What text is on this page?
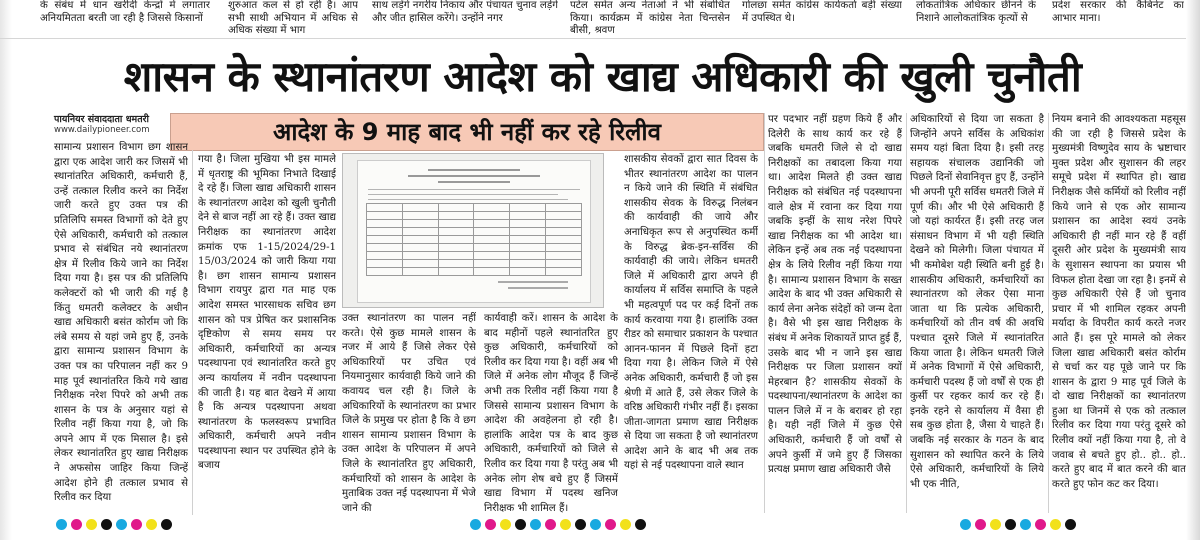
के संबंध में धान खरीदी केन्द्रों में लगातार अनियमितता बरती जा रही है जिससे किसानों
शुरुआत कल से हो रही है। आप सभी साथी अभियान में अधिक से अधिक संख्या में भाग
साथ लड़ेंगे नगरीय निकाय और पंचायत चुनाव लड़ेंगे और जीत हासिल करेंगे। उन्होंने नगर
पटेल समेत अन्य नेताओं ने भी संबोधित किया। कार्यक्रम में कांग्रेस नेता चिन्तसेन बीसी, श्रवण
गोलछा समेत कांग्रेस कार्यकर्ता बड़ी संख्या में उपस्थित थे।
लोकतांत्रिक अधिकार छीनने के निशाने आलोकतांत्रिक कृत्यों से
प्रदेश सरकार की कैबिनेट का आभार माना।
शासन के स्थानांतरण आदेश को खाद्य अधिकारी की खुली चुनौती
पायनियर संवाददाता धमतरी
www.dailypioneer.com	आदेश के 9 माह बाद भी नहीं कर रहे रिलीव
सामान्य प्रशासन विभाग छग शासन द्वारा एक आदेश जारी कर जिसमें भी स्थानांतरित अधिकारी, कर्मचारी हैं, उन्हें तत्काल रिलीव करने का निर्देश जारी करते हुए उक्त पत्र की प्रतिलिपि समस्त विभागों को देते हुए ऐसे अधिकारी, कर्मचारी को तत्काल प्रभाव से संबंधित नये स्थानांतरण क्षेत्र में रिलीव किये जाने का निर्देश दिया गया है। इस पत्र की प्रतिलिपि कलेक्टरों को भी जारी की गई है किंतु धमतरी कलेक्टर के अधीन खाद्य अधिकारी बसंत कोर्राम जो कि लंबे समय से यहां जमे हुए हैं, उनके द्वारा सामान्य प्रशासन विभाग के उक्त पत्र का परिपालन नहीं कर 9 माह पूर्व स्थानांतरित किये गये खाद्य निरीक्षक नरेश पिपरे को अभी तक शासन के पत्र के अनुसार यहां से रिलीव नहीं किया गया है, जो कि अपने आप में एक मिसाल है। इसे लेकर स्थानांतरित हुए खाद्य निरीक्षक ने अफसोस जाहिर किया जिन्हें आदेश होने ही तत्काल प्रभाव से रिलीव कर दिया
गया है। जिला मुखिया भी इस मामले में धृतराष्ट्र की भूमिका निभाते दिखाई दे रहे हैं। जिला खाद्य अधिकारी शासन के स्थानांतरण आदेश को खुली चुनौती देने से बाज नहीं आ रहे हैं। उक्त खाद्य निरीक्षक का स्थानांतरण आदेश क्रमांक एफ 1-15/2024/29-1 15/03/2024 को जारी किया गया है। छग शासन सामान्य प्रशासन विभाग रायपुर द्वारा गत माह एक आदेश समस्त भारसाधक सचिव छग शासन को पत्र प्रेषित कर प्रशासनिक दृष्टिकोण से समय समय पर अधिकारी, कर्मचारियों का अन्यत्र पदस्थापना एवं स्थानांतरित करते हुए अन्य कार्यालय में नवीन पदस्थापना की जाती है। यह बात देखने में आया है कि अन्यत्र पदस्थापना अथवा स्थानांतरण के फलस्वरूप प्रभावित अधिकारी, कर्मचारी अपने नवीन पदस्थापना स्थान पर उपस्थित होने के बजाय

उक्त स्थानांतरण का पालन नहीं करते। ऐसे कुछ मामले शासन के नजर में आये हैं जिसे लेकर ऐसे अधिकारियों पर उचित एवं नियमानुसार कार्यवाही किये जाने की कवायद चल रही है। जिले के अधिकारियों के स्थानांतरण का प्रभार जिले के प्रमुख पर होता है कि वे छग शासन सामान्य प्रशासन विभाग के उक्त आदेश के परिपालन में अपने जिले के स्थानांतरित हुए अधिकारी, कर्मचारियों को शासन के आदेश के मुताबिक उक्त नई पदस्थापना में भेजे जाने की
कार्यवाही करें। शासन के आदेश के बाद महीनों पहले स्थानांतरित हुए कुछ अधिकारी, कर्मचारियों को रिलीव कर दिया गया है। वहीं अब भी जिले में अनेक लोग मौजूद हैं जिन्हें अभी तक रिलीव नहीं किया गया है जिससे सामान्य प्रशासन विभाग के आदेश की अवहेलना हो रही है। हालांकि आदेश पत्र के बाद कुछ अधिकारी, कर्मचारियों को जिले से रिलीव कर दिया गया है परंतु अब भी अनेक लोग शेष बचे हुए हैं जिसमें खाद्य विभाग में पदस्थ खनिज निरीक्षक भी शामिल हैं।
शासकीय सेवकों द्वारा सात दिवस के भीतर स्थानांतरण आदेश का पालन न किये जाने की स्थिति में संबंधित शासकीय सेवक के विरुद्ध निलंबन की कार्यवाही की जाये और अनाधिकृत रूप से अनुपस्थित कर्मी के विरुद्ध ब्रेक-इन-सर्विस की कार्यवाही की जाये। लेकिन धमतरी जिले में अधिकारी द्वारा अपने ही कार्यालय में सर्विस समाप्ति के पहले भी महत्वपूर्ण पद पर कई दिनों तक कार्य करवाया गया है। हालांकि उक्त रीडर को समाचार प्रकाशन के पश्चात आनन-फानन में पिछले दिनों हटा दिया गया है। लेकिन जिले में ऐसे अनेक अधिकारी, कर्मचारी हैं जो इस श्रेणी में आते हैं, उसे लेकर जिले के वरिष्ठ अधिकारी गंभीर नहीं हैं। इसका जीता-जागता प्रमाण खाद्य निरीक्षक से दिया जा सकता है जो स्थानांतरण आदेश आने के बाद भी अब तक यहां से नई पदस्थापना वाले स्थान
पर पदभार नहीं ग्रहण किये हैं और दिलेरी के साथ कार्य कर रहे हैं जबकि धमतरी जिले से दो खाद्य निरीक्षकों का तबादला किया गया था। आदेश मिलते ही उक्त खाद्य निरीक्षक को संबंधित नई पदस्थापना वाले क्षेत्र में रवाना कर दिया गया जबकि इन्हीं के साथ नरेश पिपरे खाद्य निरीक्षक का भी आदेश था। लेकिन इन्हें अब तक नई पदस्थापना क्षेत्र के लिये रिलीव नहीं किया गया है। सामान्य प्रशासन विभाग के सख्त आदेश के बाद भी उक्त अधिकारी से कार्य लेना अनेक संदेहों को जन्म देता है। वैसे भी इस खाद्य निरीक्षक के संबंध में अनेक शिकायतें प्राप्त हुई हैं, उसके बाद भी न जाने इस खाद्य निरीक्षक पर जिला प्रशासन क्यों मेहरबान है? शासकीय सेवकों के पदस्थापना/स्थानांतरण के आदेश का पालन जिले में न के बराबर हो रहा है। यही नहीं जिले में कुछ ऐसे अधिकारी, कर्मचारी हैं जो वर्षों से अपने कुर्सी में जमे हुए हैं जिसका प्रत्यक्ष प्रमाण खाद्य अधिकारी जैसे
अधिकारियों से दिया जा सकता है जिन्होंने अपने सर्विस के अधिकांश समय यहां बिता दिया है। इसी तरह सहायक संचालक उद्यानिकी जो पिछले दिनों सेवानिवृत्त हुए हैं, उन्होंने भी अपनी पूरी सर्विस धमतरी जिले में पूर्ण की। और भी ऐसे अधिकारी हैं जो यहां कार्यरत हैं। इसी तरह जल संसाधन विभाग में भी यही स्थिति देखने को मिलेगी। जिला पंचायत में भी कमोबेश यही स्थिति बनी हुई है। शासकीय अधिकारी, कर्मचारियों का स्थानांतरण को लेकर ऐसा माना जाता था कि प्रत्येक अधिकारी, कर्मचारियों को तीन वर्ष की अवधि पश्चात दूसरे जिले में स्थानांतरित किया जाता है। लेकिन धमतरी जिले में अनेक विभागों में ऐसे अधिकारी, कर्मचारी पदस्थ हैं जो वर्षों से एक ही कुर्सी पर रहकर कार्य कर रहे हैं। इनके रहने से कार्यालय में वैसा ही सब कुछ होता है, जैसा ये चाहते हैं। जबकि नई सरकार के गठन के बाद सुशासन को स्थापित करने के लिये ऐसे अधिकारी, कर्मचारियों के लिये भी एक नीति,
नियम बनाने की आवश्यकता महसूस की जा रही है जिससे प्रदेश के मुख्यमंत्री विष्णुदेव साय के भ्रष्टाचार मुक्त प्रदेश और सुशासन की लहर समूचे प्रदेश में स्थापित हो। खाद्य निरीक्षक जैसे कर्मियों को रिलीव नहीं किये जाने से एक ओर सामान्य प्रशासन का आदेश स्वयं उनके अधिकारी ही नहीं मान रहे हैं वहीं दूसरी ओर प्रदेश के मुख्यमंत्री साय के सुशासन स्थापना का प्रयास भी विफल होता देखा जा रहा है। इनमें से कुछ अधिकारी ऐसे हैं जो चुनाव प्रचार में भी शामिल रहकर अपनी मर्यादा के विपरीत कार्य करते नजर आते हैं। इस पूरे मामले को लेकर जिला खाद्य अधिकारी बसंत कोर्राम से चर्चा कर यह पूछे जाने पर कि शासन के द्वारा 9 माह पूर्व जिले के दो खाद्य निरीक्षकों का स्थानांतरण हुआ था जिनमें से एक को तत्काल रिलीव कर दिया गया परंतु दूसरे को रिलीव क्यों नहीं किया गया है, तो वे जवाब से बचते हुए हो.. हो.. हो.. करते हुए बाद में बात करने की बात करते हुए फोन कट कर दिया।
